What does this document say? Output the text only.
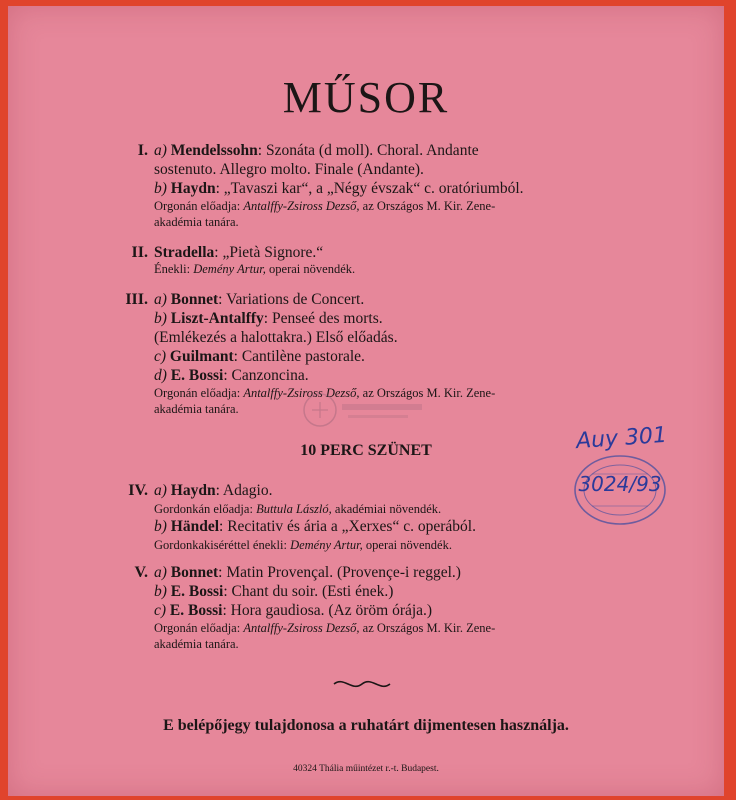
MŰSOR
I. a) Mendelssohn: Szonáta (d moll). Choral. Andante
sostenuto. Allegro molto. Finale (Andante).
b) Haydn: „Tavaszi kar“, a „Négy évszak“ c. oratóriumból.
Orgonán előadja: Antalffy-Zsiross Dezső, az Országos M. Kir. Zene-
akadémia tanára.
II. Stradella: „Pietà Signore.“
Énekli: Demény Artur, operai növendék.
III. a) Bonnet: Variations de Concert.
b) Liszt-Antalffy: Penseé des morts.
(Emlékezés a halottakra.) Első előadás.
c) Guilmant: Cantilène pastorale.
d) E. Bossi: Canzoncina.
Orgonán előadja: Antalffy-Zsiross Dezső, az Országos M. Kir. Zene-
akadémia tanára.
IV. a) Haydn: Adagio.
Gordonkán előadja: Buttula László, akadémiai növendék.
b) Händel: Recitativ és ária a „Xerxes“ c. operából.
Gordonkakiséréttel énekli: Demény Artur, operai növendék.
V. a) Bonnet: Matin Provençal. (Provençe-i reggel.)
b) E. Bossi: Chant du soir. (Esti ének.)
c) E. Bossi: Hora gaudiosa. (Az öröm órája.)
Orgonán előadja: Antalffy-Zsiross Dezső, az Országos M. Kir. Zene-
akadémia tanára.
10 PERC SZÜNET
E belépőjegy tulajdonosa a ruhatárt dijmentesen használja.
40324 Thália műintézet r.-t. Budapest.
Auy 301
3024/93
